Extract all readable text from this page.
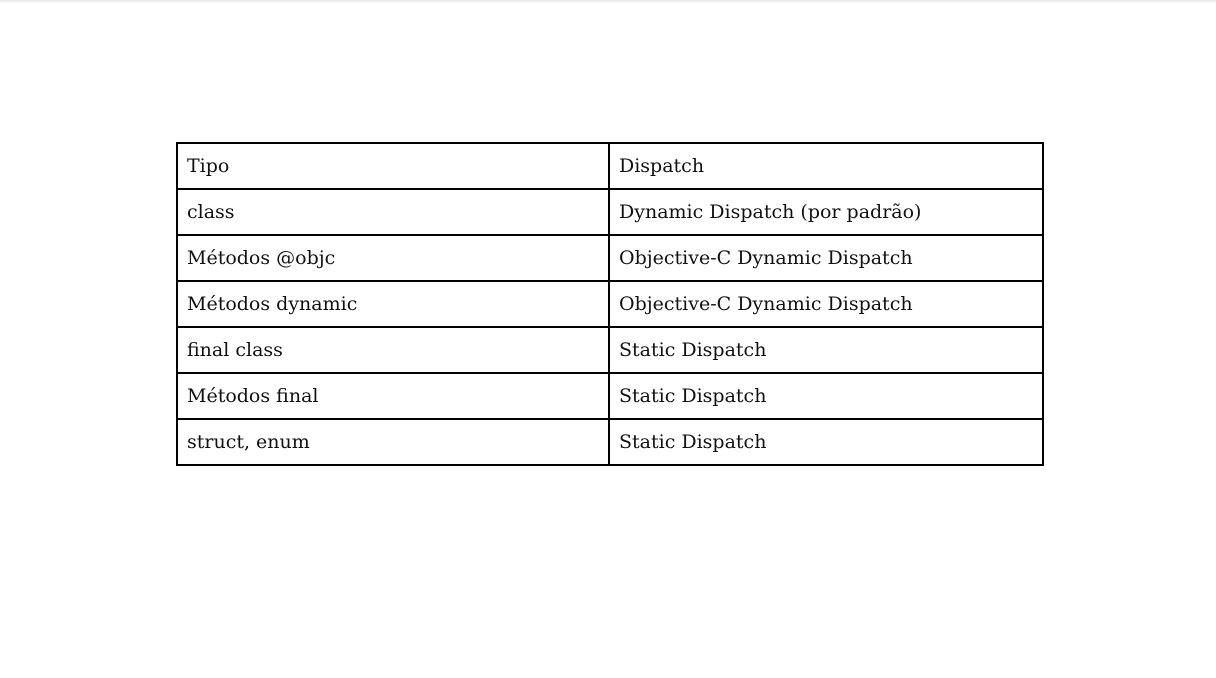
Tipo	Dispatch
class	Dynamic Dispatch (por padrão)
Métodos @objc	Objective-C Dynamic Dispatch
Métodos dynamic	Objective-C Dynamic Dispatch
final class	Static Dispatch
Métodos final	Static Dispatch
struct, enum	Static Dispatch
